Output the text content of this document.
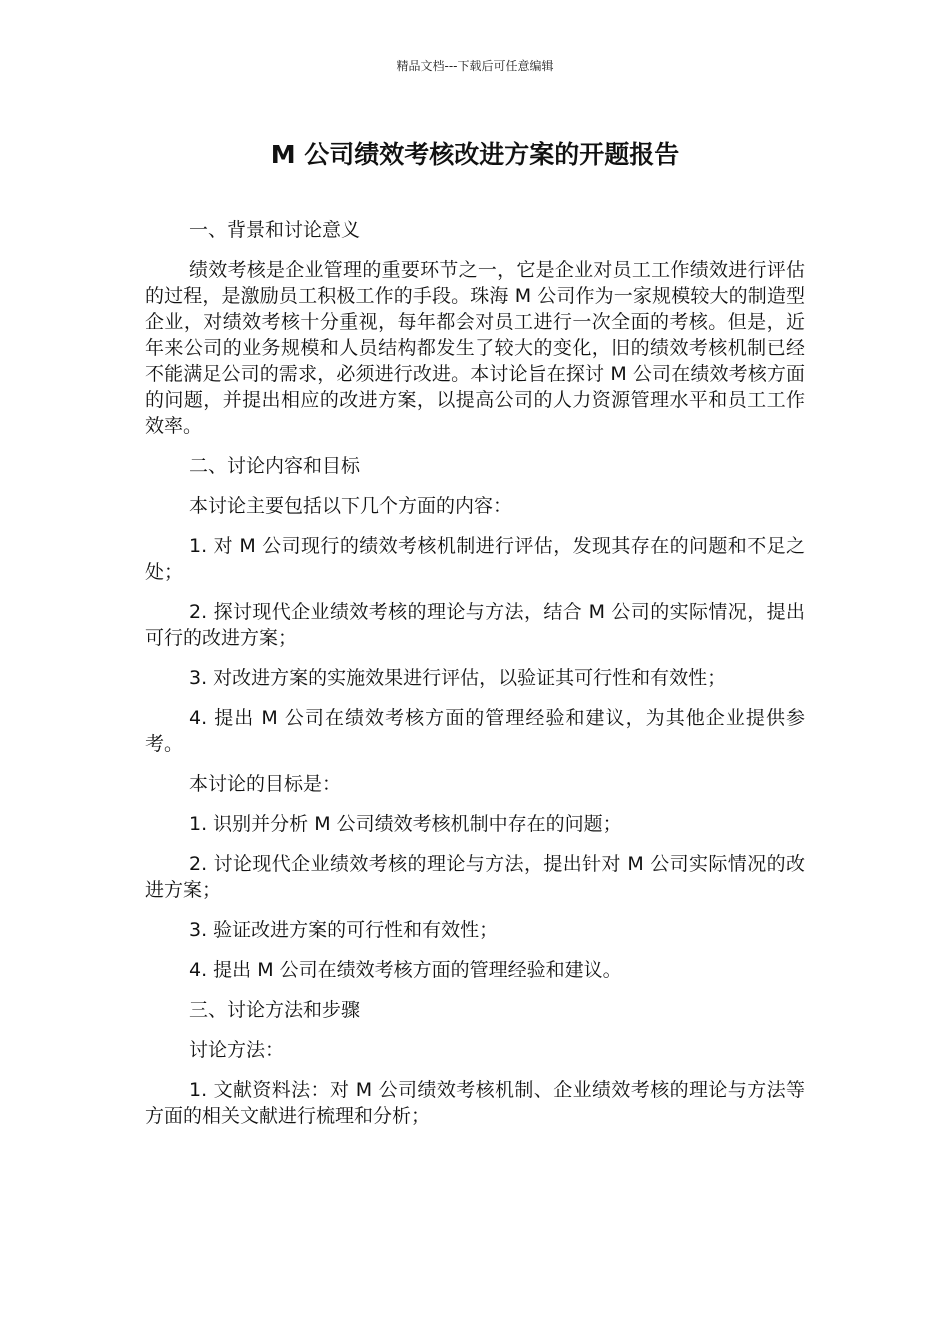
精品文档---下载后可任意编辑
M 公司绩效考核改进方案的开题报告

一、背景和讨论意义

绩效考核是企业管理的重要环节之一，它是企业对员工工作绩效进行评估的过程，是激励员工积极工作的手段。珠海 M 公司作为一家规模较大的制造型企业，对绩效考核十分重视，每年都会对员工进行一次全面的考核。但是，近年来公司的业务规模和人员结构都发生了较大的变化，旧的绩效考核机制已经不能满足公司的需求，必须进行改进。本讨论旨在探讨 M 公司在绩效考核方面的问题，并提出相应的改进方案，以提高公司的人力资源管理水平和员工工作效率。

二、讨论内容和目标

本讨论主要包括以下几个方面的内容：

1. 对 M 公司现行的绩效考核机制进行评估，发现其存在的问题和不足之处；

2. 探讨现代企业绩效考核的理论与方法，结合 M 公司的实际情况，提出可行的改进方案；

3. 对改进方案的实施效果进行评估，以验证其可行性和有效性；

4. 提出 M 公司在绩效考核方面的管理经验和建议，为其他企业提供参考。

本讨论的目标是：

1. 识别并分析 M 公司绩效考核机制中存在的问题；

2. 讨论现代企业绩效考核的理论与方法，提出针对 M 公司实际情况的改进方案；

3. 验证改进方案的可行性和有效性；

4. 提出 M 公司在绩效考核方面的管理经验和建议。

三、讨论方法和步骤

讨论方法：

1. 文献资料法：对 M 公司绩效考核机制、企业绩效考核的理论与方法等方面的相关文献进行梳理和分析；
